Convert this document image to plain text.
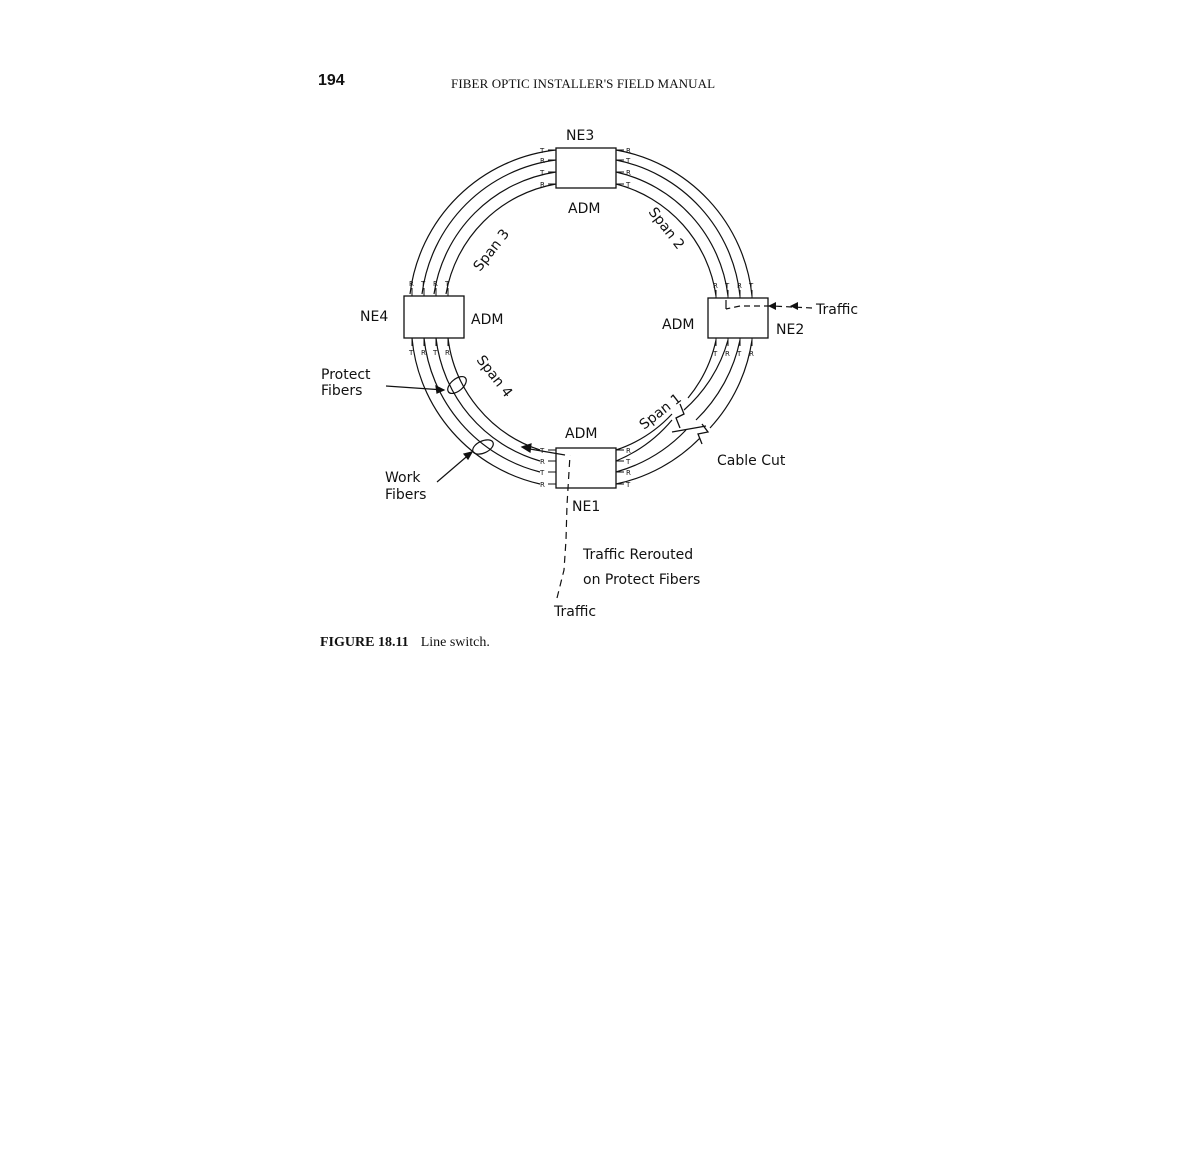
194	FIBER OPTIC INSTALLER'S FIELD MANUAL
T
R
T
R
R
T
R
T
T
R
T
R
R
T
R
T
R T R T
T R T R
R T R T
T R T R
NE3
ADM
NE2
ADM
NE1
ADM
NE4	ADM
Span 3	Span 2
Span 4
Span 1
Traffic
Protect
Fibers
Work
Fibers
Cable Cut
Traffic Rerouted
on Protect Fibers
Traffic
FIGURE 18.11 Line switch.
